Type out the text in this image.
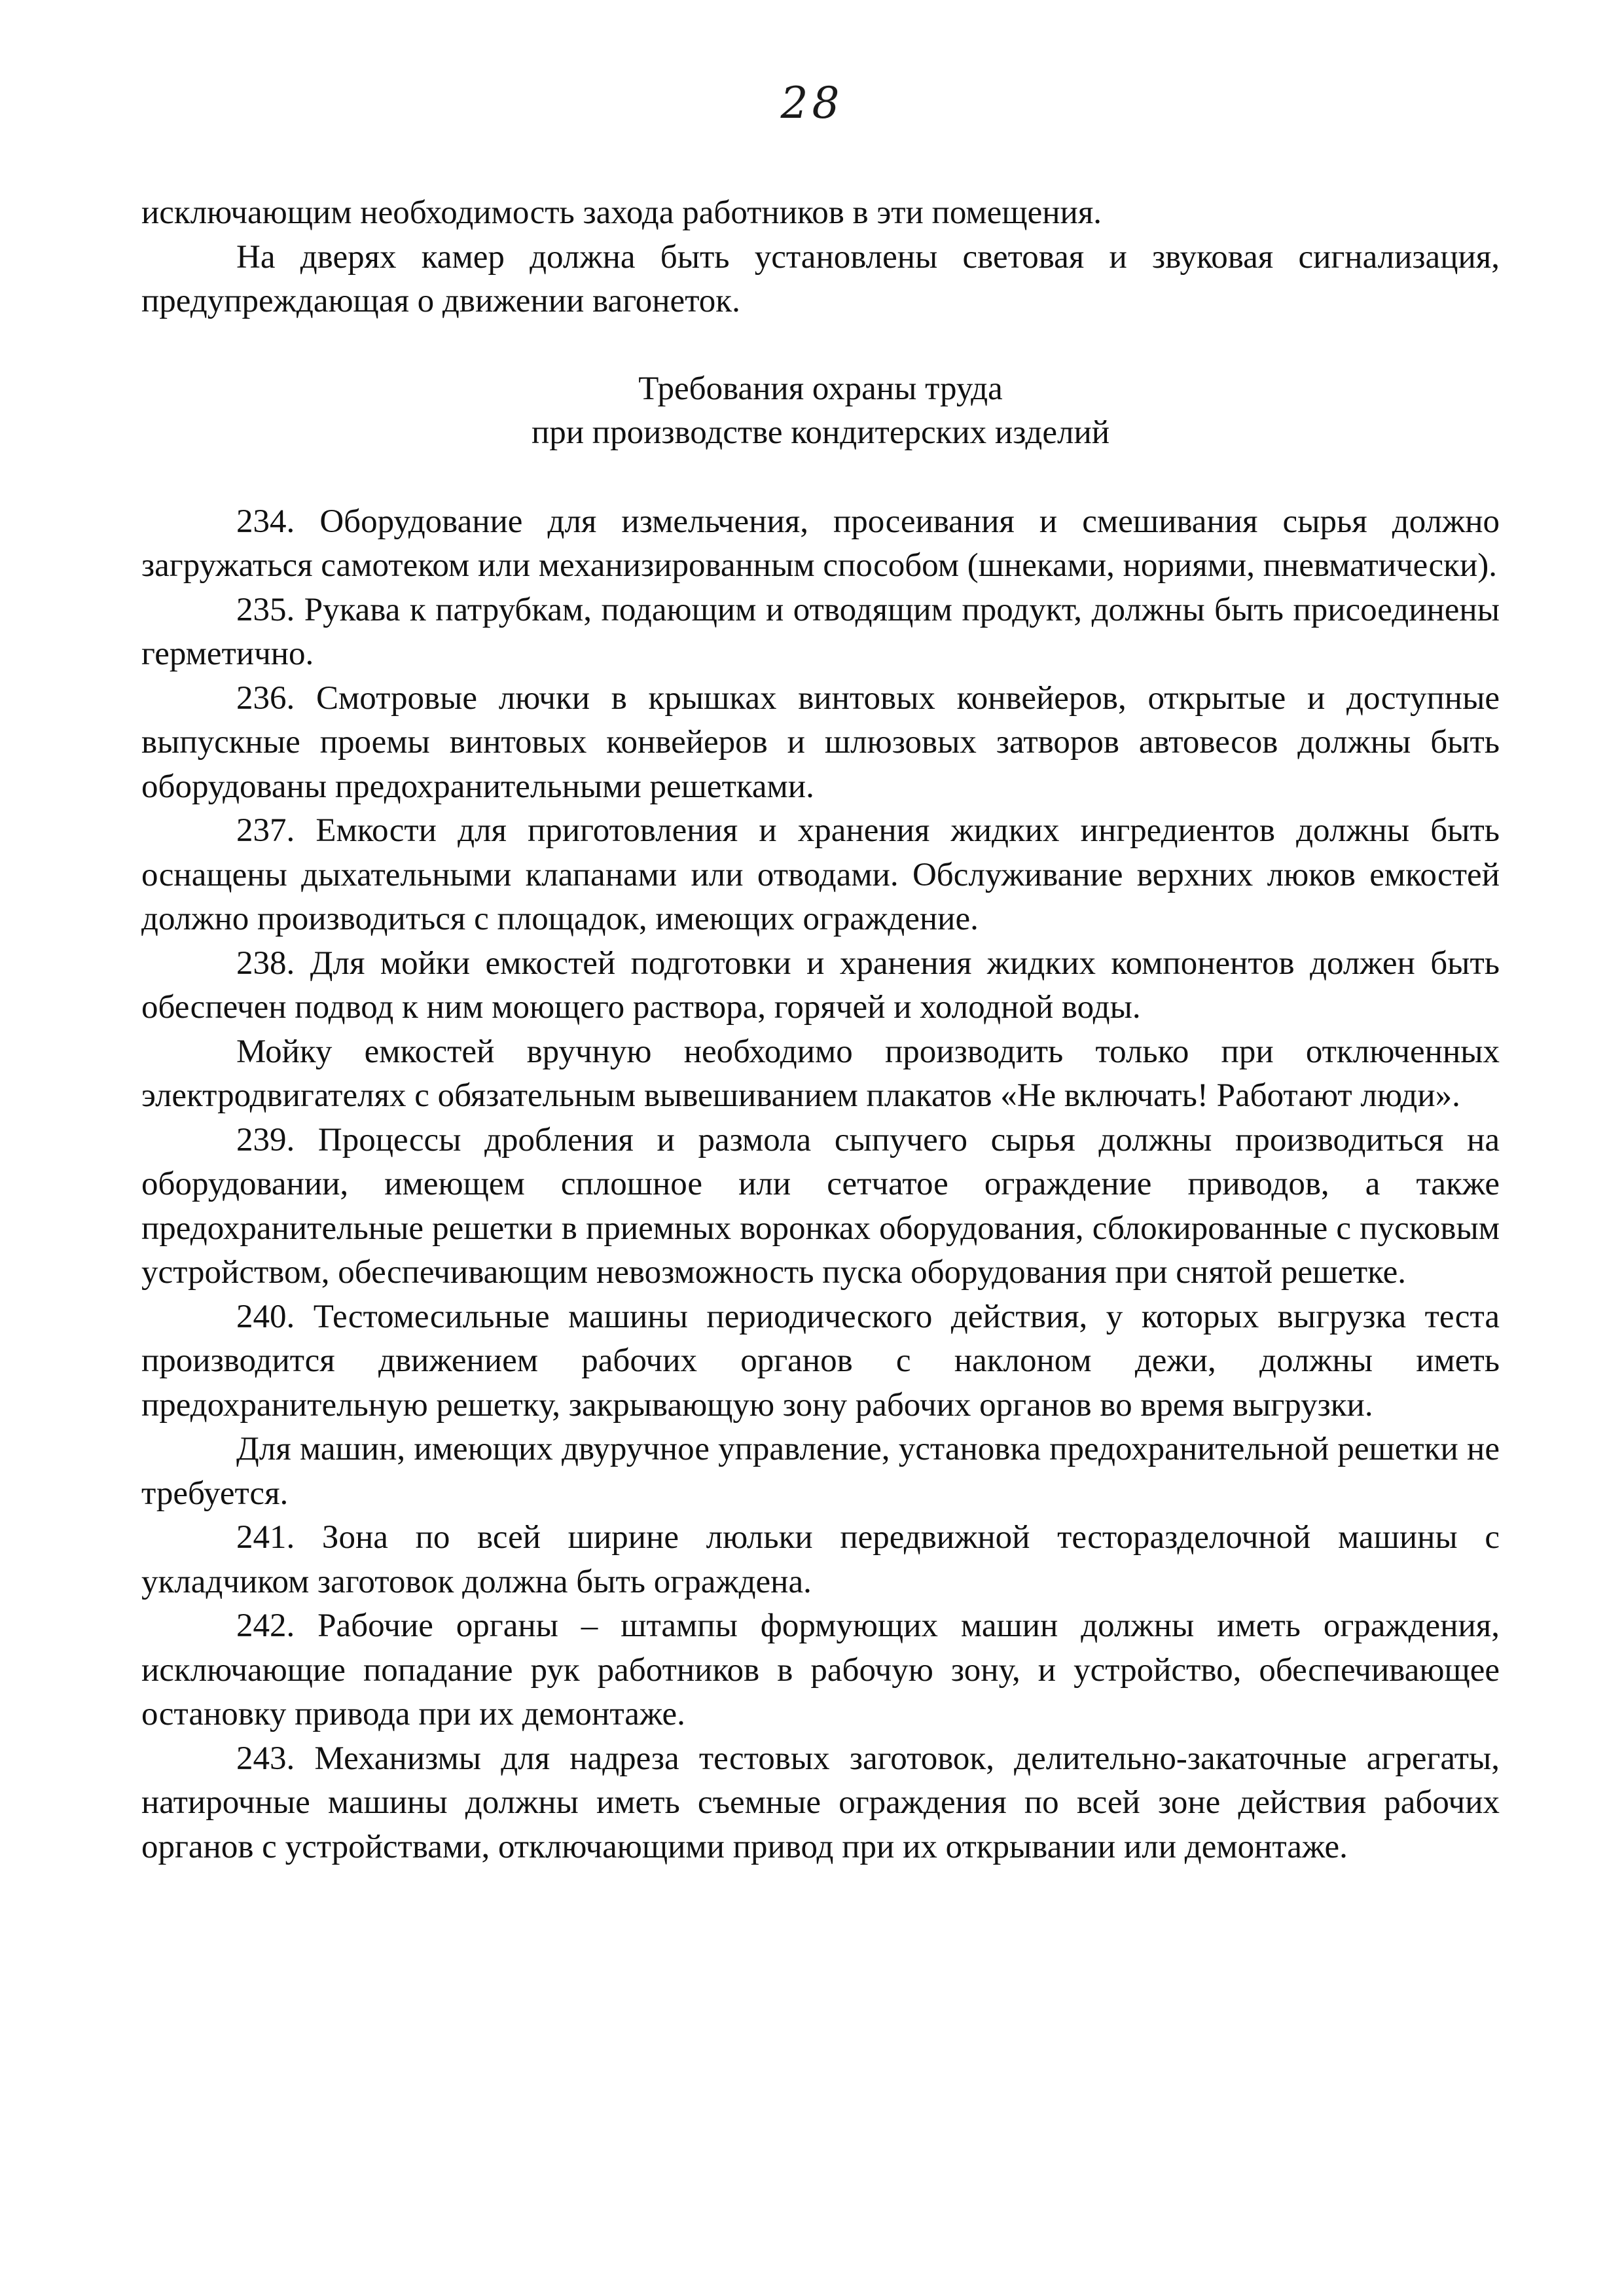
28

исключающим необходимость захода работников в эти помещения.

На дверях камер должна быть установлены световая и звуковая сигнализация, предупреждающая о движении вагонеток.

Требования охраны труда
при производстве кондитерских изделий

234. Оборудование для измельчения, просеивания и смешивания сырья должно загружаться самотеком или механизированным способом (шнеками, нориями, пневматически).

235. Рукава к патрубкам, подающим и отводящим продукт, должны быть присоединены герметично.

236. Смотровые лючки в крышках винтовых конвейеров, открытые и доступные выпускные проемы винтовых конвейеров и шлюзовых затворов автовесов должны быть оборудованы предохранительными решетками.

237. Емкости для приготовления и хранения жидких ингредиентов должны быть оснащены дыхательными клапанами или отводами. Обслуживание верхних люков емкостей должно производиться с площадок, имеющих ограждение.

238. Для мойки емкостей подготовки и хранения жидких компонентов должен быть обеспечен подвод к ним моющего раствора, горячей и холодной воды.

Мойку емкостей вручную необходимо производить только при отключенных электродвигателях с обязательным вывешиванием плакатов «Не включать! Работают люди».

239. Процессы дробления и размола сыпучего сырья должны производиться на оборудовании, имеющем сплошное или сетчатое ограждение приводов, а также предохранительные решетки в приемных воронках оборудования, сблокированные с пусковым устройством, обеспечивающим невозможность пуска оборудования при снятой решетке.

240. Тестомесильные машины периодического действия, у которых выгрузка теста производится движением рабочих органов с наклоном дежи, должны иметь предохранительную решетку, закрывающую зону рабочих органов во время выгрузки.

Для машин, имеющих двуручное управление, установка предохранительной решетки не требуется.

241. Зона по всей ширине люльки передвижной тесторазделочной машины с укладчиком заготовок должна быть ограждена.

242. Рабочие органы – штампы формующих машин должны иметь ограждения, исключающие попадание рук работников в рабочую зону, и устройство, обеспечивающее остановку привода при их демонтаже.

243. Механизмы для надреза тестовых заготовок, делительно-закаточные агрегаты, натирочные машины должны иметь съемные ограждения по всей зоне действия рабочих органов с устройствами, отключающими привод при их открывании или демонтаже.
